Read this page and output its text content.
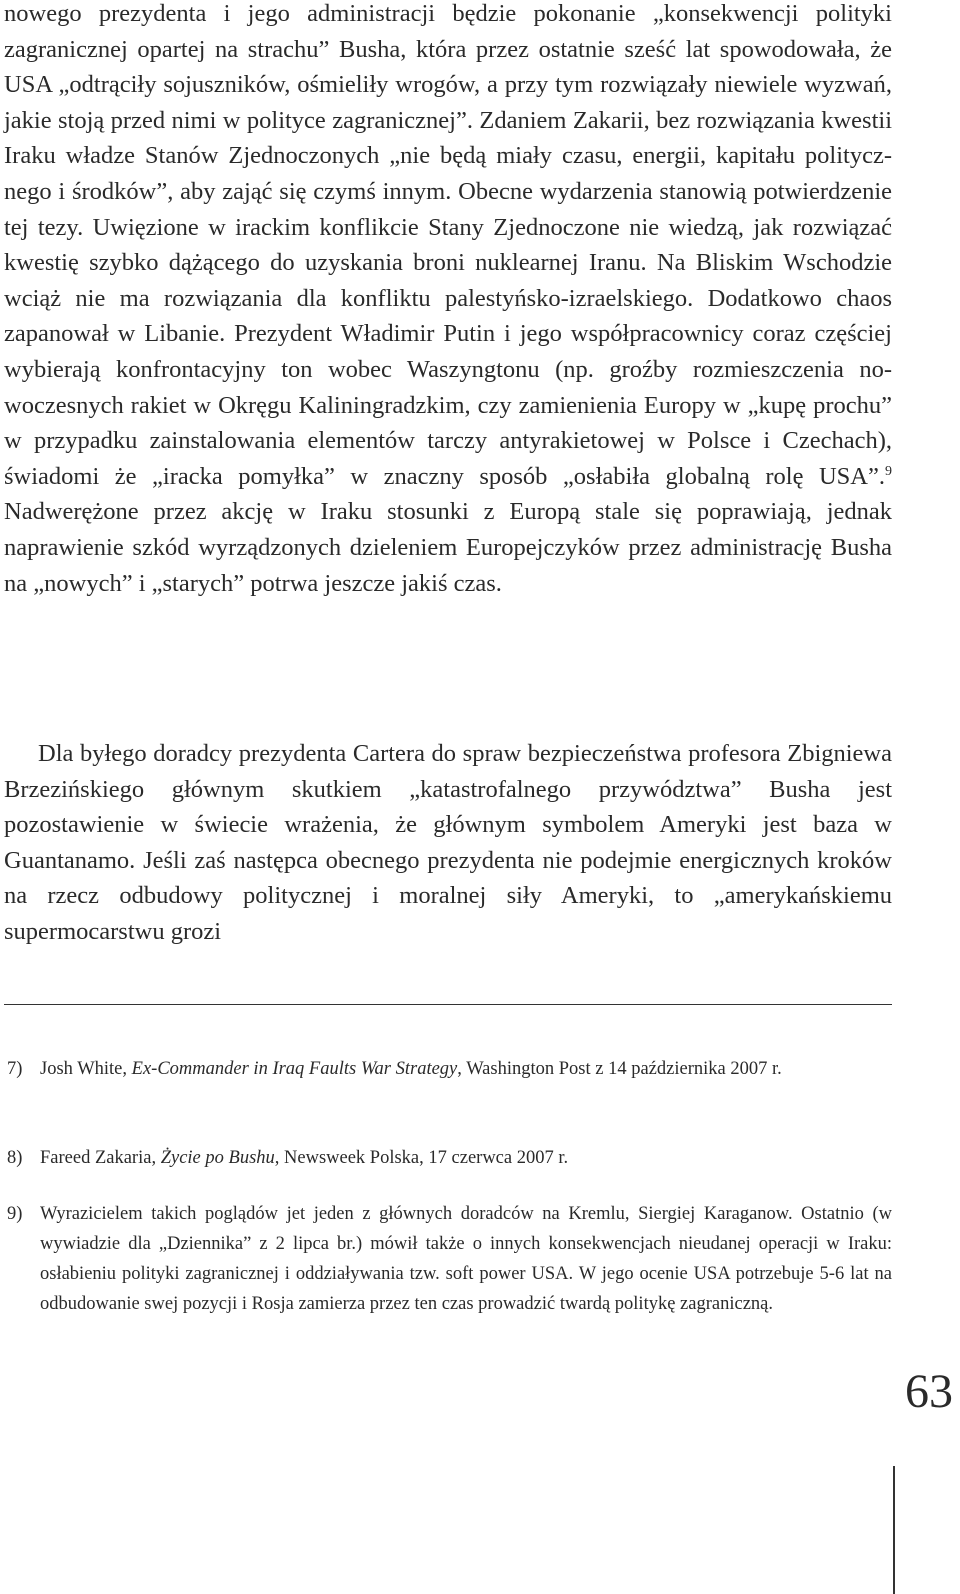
nowego prezydenta i jego administracji będzie pokonanie „konsekwencji polityki zagranicznej opartej na strachu” Busha, która przez ostatnie sześć lat spowodowała, że USA „odtrąciły sojuszników, ośmieliły wrogów, a przy tym rozwiązały niewiele wyzwań, jakie stoją przed nimi w polityce zagranicznej”. Zdaniem Zakarii, bez rozwiązania kwestii Iraku władze Stanów Zjednoczonych „nie będą miały czasu, energii, kapitału politycznego i środków”, aby zająć się czymś innym. Obecne wydarzenia stanowią potwierdzenie tej tezy. Uwięzione w irackim konflikcie Stany Zjednoczone nie wiedzą, jak rozwiązać kwestię szybko dążącego do uzyskania broni nuklearnej Iranu. Na Bliskim Wschodzie wciąż nie ma rozwiązania dla konfliktu palestyńsko-izraelskiego. Dodatkowo chaos zapanował w Libanie. Prezydent Władimir Putin i jego współpracownicy coraz częściej wybierają konfrontacyjny ton wobec Waszyngtonu (np. groźby rozmieszczenia nowoczesnych rakiet w Okręgu Kaliningradzkim, czy zamienienia Europy w „kupę prochu” w przypadku zainstalowania elementów tarczy antyrakietowej w Polsce i Czechach), świadomi że „iracka pomyłka” w znaczny sposób „osłabiła globalną rolę USA”.$^9$ Nadwerężone przez akcję w Iraku stosunki z Europą stale się poprawiają, jednak naprawienie szkód wyrządzonych dzieleniem Europejczyków przez administrację Busha na „nowych” i „starych” potrwa jeszcze jakiś czas.

Dla byłego doradcy prezydenta Cartera do spraw bezpieczeństwa profesora Zbigniewa Brzezińskiego głównym skutkiem „katastrofalnego przywództwa” Busha jest pozostawienie w świecie wrażenia, że głównym symbolem Ameryki jest baza w Guantanamo. Jeśli zaś następca obecnego prezydenta nie podejmie energicznych kroków na rzecz odbudowy politycznej i moralnej siły Ameryki, to „amerykańskiemu supermocarstwu grozi

7) Josh White, Ex-Commander in Iraq Faults War Strategy, Washington Post z 14 października 2007 r.

8) Fareed Zakaria, Życie po Bushu, Newsweek Polska, 17 czerwca 2007 r.

9) Wyrazicielem takich poglądów jet jeden z głównych doradców na Kremlu, Siergiej Karaganow. Ostatnio (w wywiadzie dla „Dziennika” z 2 lipca br.) mówił także o innych konsekwencjach nieudanej operacji w Iraku: osłabieniu polityki zagranicznej i oddziaływania tzw. soft power USA. W jego ocenie USA potrzebuje 5-6 lat na odbudowanie swej pozycji i Rosja zamierza przez ten czas prowadzić twardą politykę zagraniczną.

63
